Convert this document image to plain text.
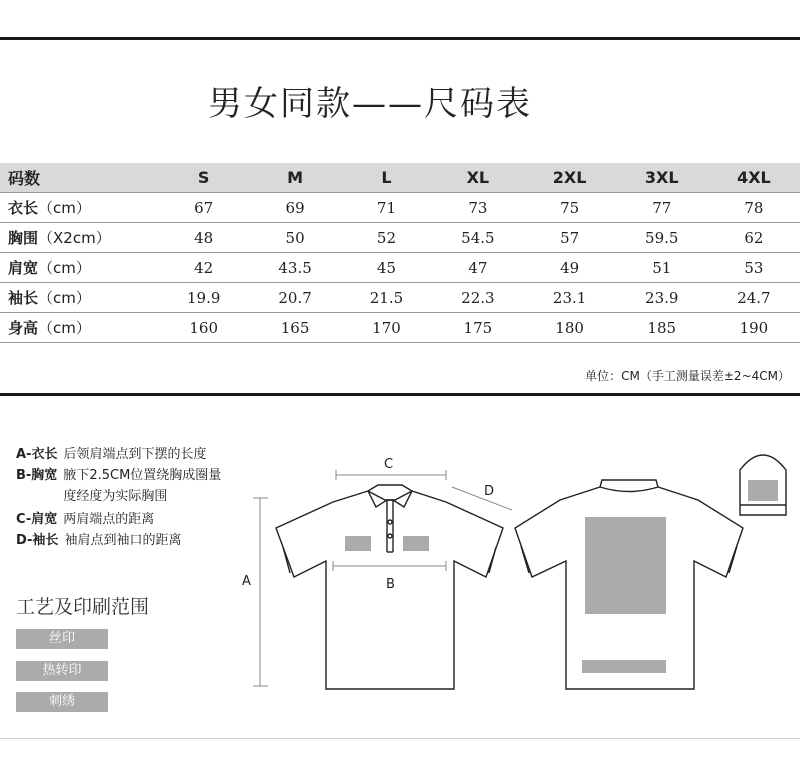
男女同款——尺码表
码数	S	M	L	XL	2XL	3XL	4XL
衣长（cm）	67	69	71	73	75	77	78
胸围（X2cm）	48	50	52	54.5	57	59.5	62
肩宽（cm）	42	43.5	45	47	49	51	53
袖长（cm）	19.9	20.7	21.5	22.3	23.1	23.9	24.7
身高（cm）	160	165	170	175	180	185	190
单位：CM（手工测量误差±2~4CM）
A-衣长 后领肩端点到下摆的长度
B-胸宽 腋下2.5CM位置绕胸成圈量度经度为实际胸围
C-肩宽 两肩端点的距离
D-袖长 袖肩点到袖口的距离
工艺及印刷范围
丝印
热转印
刺绣
A	B
C
D
